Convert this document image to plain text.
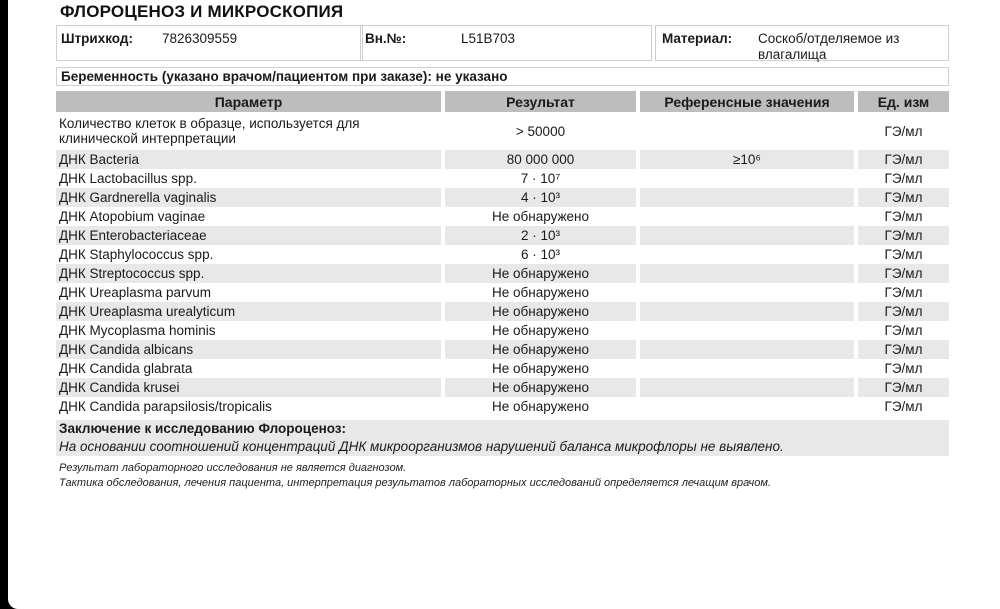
ФЛОРОЦЕНОЗ И МИКРОСКОПИЯ
Штрихкод: 7826309559	Вн.№:	L51B703	Материал: Соскоб/отделяемое из влагалища
Беременность (указано врачом/пациентом при заказе): не указано
Параметр	Результат	Референсные значения	Ед. изм
Количество клеток в образце, используется для клинической интерпретации	> 50000		ГЭ/мл
ДНК Bacteria	80 000 000	≥10⁶	ГЭ/мл
ДНК Lactobacillus spp.	7 · 10⁷		ГЭ/мл
ДНК Gardnerella vaginalis	4 · 10³		ГЭ/мл
ДНК Atopobium vaginae	Не обнаружено		ГЭ/мл
ДНК Enterobacteriaceae	2 · 10³		ГЭ/мл
ДНК Staphylococcus spp.	6 · 10³		ГЭ/мл
ДНК Streptococcus spp.	Не обнаружено		ГЭ/мл
ДНК Ureaplasma parvum	Не обнаружено		ГЭ/мл
ДНК Ureaplasma urealyticum	Не обнаружено		ГЭ/мл
ДНК Mycoplasma hominis	Не обнаружено		ГЭ/мл
ДНК Candida albicans	Не обнаружено		ГЭ/мл
ДНК Candida glabrata	Не обнаружено		ГЭ/мл
ДНК Candida krusei	Не обнаружено		ГЭ/мл
ДНК Candida parapsilosis/tropicalis	Не обнаружено		ГЭ/мл
Заключение к исследованию Флороценоз:
На основании соотношений концентраций ДНК микроорганизмов нарушений баланса микрофлоры не выявлено.
Результат лабораторного исследования не является диагнозом.
Тактика обследования, лечения пациента, интерпретация результатов лабораторных исследований определяется лечащим врачом.
